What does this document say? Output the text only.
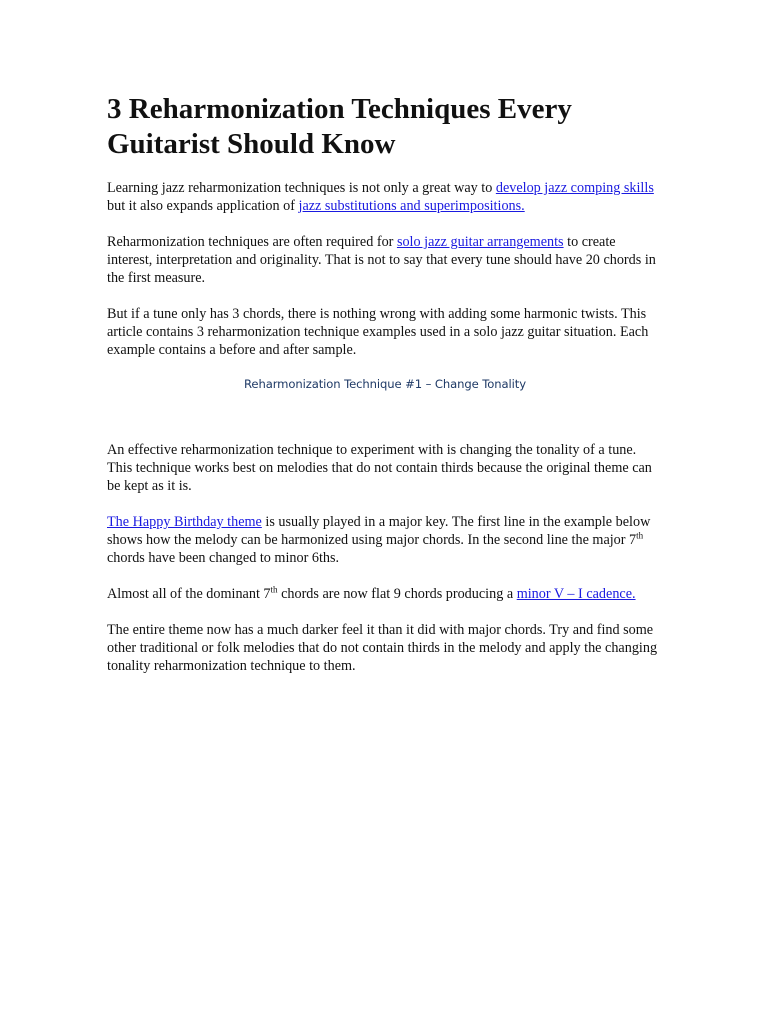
3 Reharmonization Techniques Every Guitarist Should Know

Learning jazz reharmonization techniques is not only a great way to develop jazz comping skills but it also expands application of jazz substitutions and superimpositions.

Reharmonization techniques are often required for solo jazz guitar arrangements to create interest, interpretation and originality. That is not to say that every tune should have 20 chords in the first measure.

But if a tune only has 3 chords, there is nothing wrong with adding some harmonic twists. This article contains 3 reharmonization technique examples used in a solo jazz guitar situation. Each example contains a before and after sample.

Reharmonization Technique #1 – Change Tonality

An effective reharmonization technique to experiment with is changing the tonality of a tune. This technique works best on melodies that do not contain thirds because the original theme can be kept as it is.

The Happy Birthday theme is usually played in a major key. The first line in the example below shows how the melody can be harmonized using major chords. In the second line the major 7th chords have been changed to minor 6ths.

Almost all of the dominant 7th chords are now flat 9 chords producing a minor V – I cadence.

The entire theme now has a much darker feel it than it did with major chords. Try and find some other traditional or folk melodies that do not contain thirds in the melody and apply the changing tonality reharmonization technique to them.
